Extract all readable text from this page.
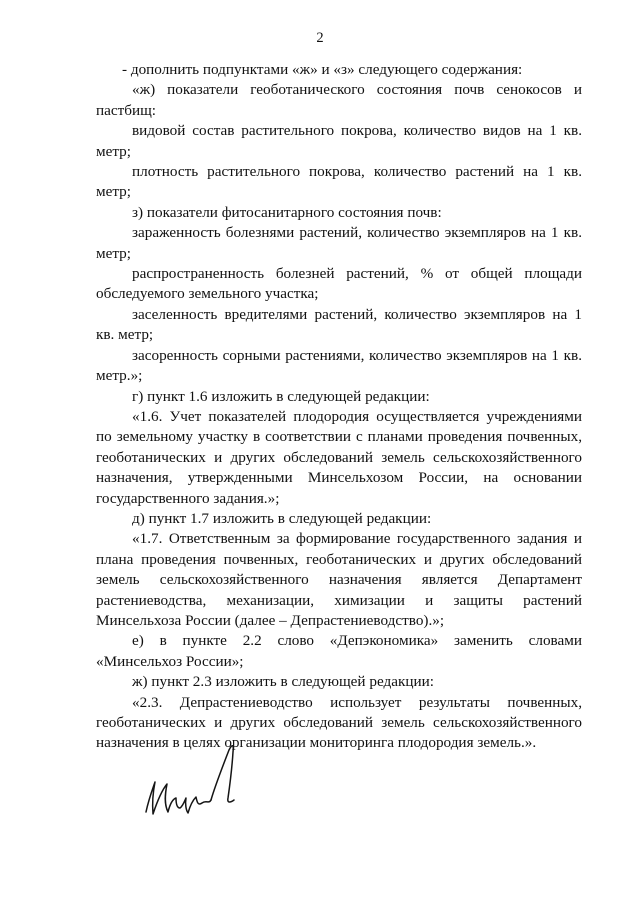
2

- дополнить подпунктами «ж» и «з» следующего содержания:

«ж) показатели геоботанического состояния почв сенокосов и пастбищ:

видовой состав растительного покрова, количество видов на 1 кв. метр;

плотность растительного покрова, количество растений на 1 кв. метр;

з) показатели фитосанитарного состояния почв:

зараженность болезнями растений, количество экземпляров на 1 кв. метр;

распространенность болезней растений, % от общей площади обследуемого земельного участка;

заселенность вредителями растений, количество экземпляров на 1 кв. метр;

засоренность сорными растениями, количество экземпляров на 1 кв. метр.»;

г) пункт 1.6 изложить в следующей редакции:

«1.6. Учет показателей плодородия осуществляется учреждениями по земельному участку в соответствии с планами проведения почвенных, геоботанических и других обследований земель сельскохозяйственного назначения, утвержденными Минсельхозом России, на основании государственного задания.»;

д) пункт 1.7 изложить в следующей редакции:

«1.7. Ответственным за формирование государственного задания и плана проведения почвенных, геоботанических и других обследований земель сельскохозяйственного назначения является Департамент растениеводства, механизации, химизации и защиты растений Минсельхоза России (далее – Депрастениеводство).»;

е) в пункте 2.2 слово «Депэкономика» заменить словами «Минсельхоз России»;

ж) пункт 2.3 изложить в следующей редакции:

«2.3. Депрастениеводство использует результаты почвенных, геоботанических и других обследований земель сельскохозяйственного назначения в целях организации мониторинга плодородия земель.».
